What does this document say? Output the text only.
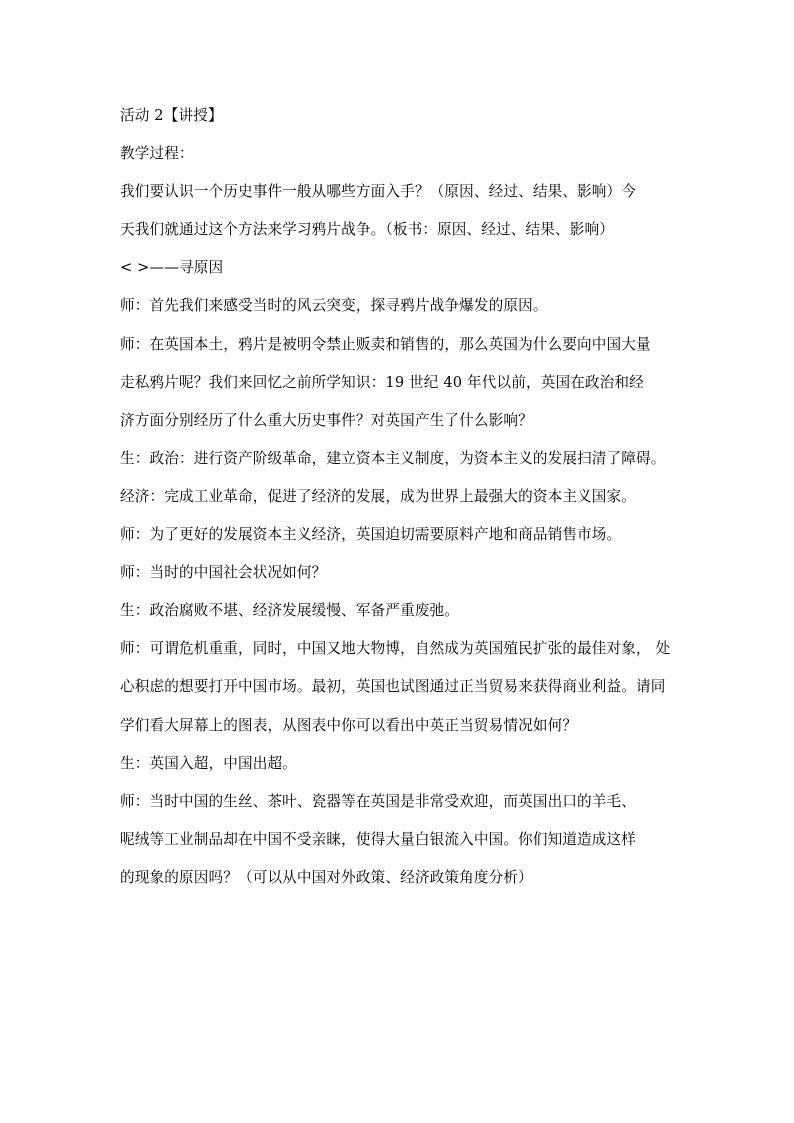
活动 2【讲授】
教学过程：
我们要认识一个历史事件一般从哪些方面入手？（原因、经过、结果、影响）今
天我们就通过这个方法来学习鸦片战争。（板书：原因、经过、结果、影响）
< >——寻原因
师：首先我们来感受当时的风云突变，探寻鸦片战争爆发的原因。
师：在英国本土，鸦片是被明令禁止贩卖和销售的，那么英国为什么要向中国大量
走私鸦片呢？我们来回忆之前所学知识：19 世纪 40 年代以前，英国在政治和经
济方面分别经历了什么重大历史事件？对英国产生了什么影响？
生：政治：进行资产阶级革命，建立资本主义制度，为资本主义的发展扫清了障碍。
经济：完成工业革命，促进了经济的发展，成为世界上最强大的资本主义国家。
师：为了更好的发展资本主义经济，英国迫切需要原料产地和商品销售市场。
师：当时的中国社会状况如何？
生：政治腐败不堪、经济发展缓慢、军备严重废弛。
师：可谓危机重重，同时，中国又地大物博，自然成为英国殖民扩张的最佳对象， 处
心积虑的想要打开中国市场。最初，英国也试图通过正当贸易来获得商业利益。请同
学们看大屏幕上的图表，从图表中你可以看出中英正当贸易情况如何？
生：英国入超，中国出超。
师：当时中国的生丝、茶叶、瓷器等在英国是非常受欢迎，而英国出口的羊毛、
呢绒等工业制品却在中国不受亲睐，使得大量白银流入中国。你们知道造成这样
的现象的原因吗？（可以从中国对外政策、经济政策角度分析）
